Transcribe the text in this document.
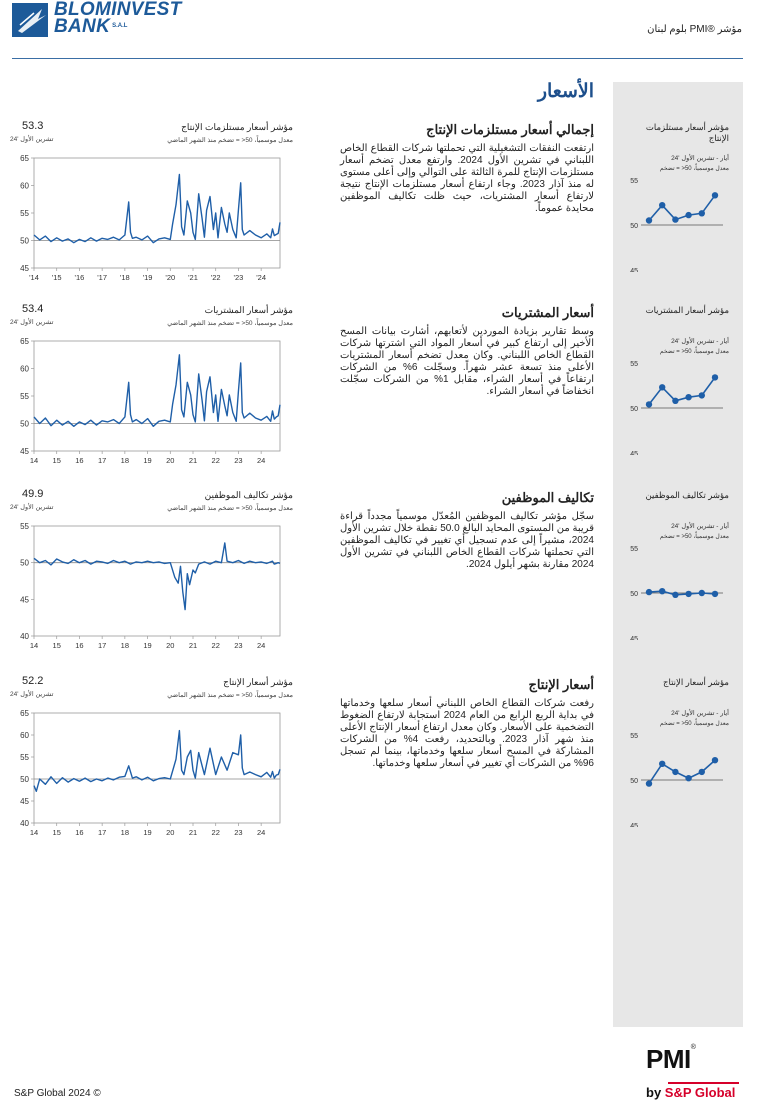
BLOMINVEST
BANK $^{S.A.L}$	مؤشر ®PMI بلوم لبنان
الأسعار
مؤشر أسعار مستلزمات الإنتاج
معدل موسمياً، 50< = تضخم منذ الشهر الماضي
53.3
تشرين الأول '24
إجمالي أسعار مستلزمات الإنتاج
ارتفعت النفقات التشغيلية التي تحملتها شركات القطاع الخاص اللبناني في تشرين الأول 2024. وارتفع معدل تضخم أسعار مستلزمات الإنتاج للمرة الثالثة على التوالي وإلى أعلى مستوى له منذ آذار 2023. وجاء ارتفاع أسعار مستلزمات الإنتاج نتيجة لارتفاع أسعار المشتريات، حيث ظلت تكاليف الموظفين محايدة عموماً.
45
50
55
60
65
'14 '15 '16 '17 '18 '19 '20 '21 '22 '23 '24
مؤشر أسعار مستلزمات الإنتاج
أيار - تشرين الأول '24
معدل موسمياً، 50< = تضخم
45
50
55
مؤشر أسعار المشتريات
معدل موسمياً، 50< = تضخم منذ الشهر الماضي
53.4
تشرين الأول '24
أسعار المشتريات
وسط تقارير بزيادة الموردين لأتعابهم، أشارت بيانات المسح الأخير إلى ارتفاع كبير في أسعار المواد التي اشترتها شركات القطاع الخاص اللبناني. وكان معدل تضخم أسعار المشتريات الأعلى منذ تسعة عشر شهراً. وسجّلت 6% من الشركات ارتفاعاً في أسعار الشراء، مقابل 1% من الشركات سجّلت انخفاضاً في أسعار الشراء.
45
50
55
60
65
14 15 16 17 18 19 20 21 22 23 24
مؤشر أسعار المشتريات
أيار - تشرين الأول '24
معدل موسمياً، 50< = تضخم
45
50
55
مؤشر تكاليف الموظفين
معدل موسمياً، 50< = تضخم منذ الشهر الماضي
49.9
تشرين الأول '24
تكاليف الموظفين
سجّل مؤشر تكاليف الموظفين المُعدّل موسمياً مجدداً قراءة قريبة من المستوى المحايد البالغ 50.0 نقطة خلال تشرين الأول 2024، مشيراً إلى عدم تسجيل أي تغيير في تكاليف الموظفين التي تحملتها شركات القطاع الخاص اللبناني في تشرين الأول 2024 مقارنة بشهر أيلول 2024.
40
45
50
55
14 15 16 17 18 19 20 21 22 23 24
مؤشر تكاليف الموظفين
أيار - تشرين الأول '24
معدل موسمياً، 50< = تضخم
45
50
55
مؤشر أسعار الإنتاج
معدل موسمياً، 50< = تضخم منذ الشهر الماضي
52.2
تشرين الأول '24
أسعار الإنتاج
رفعت شركات القطاع الخاص اللبناني أسعار سلعها وخدماتها في بداية الربع الرابع من العام 2024 استجابة لارتفاع الضغوط التضخمية على الأسعار. وكان معدل ارتفاع أسعار الإنتاج الأعلى منذ شهر آذار 2023. وبالتحديد، رفعت 4% من الشركات المشاركة في المسح أسعار سلعها وخدماتها، بينما لم تسجل 96% من الشركات أي تغيير في أسعار سلعها وخدماتها.
40
45
50
55
60
65
14 15 16 17 18 19 20 21 22 23 24
مؤشر أسعار الإنتاج
أيار - تشرين الأول '24
معدل موسمياً، 50< = تضخم
45
50
55
S&P Global 2024 ©
PMI®
by S&P Global
